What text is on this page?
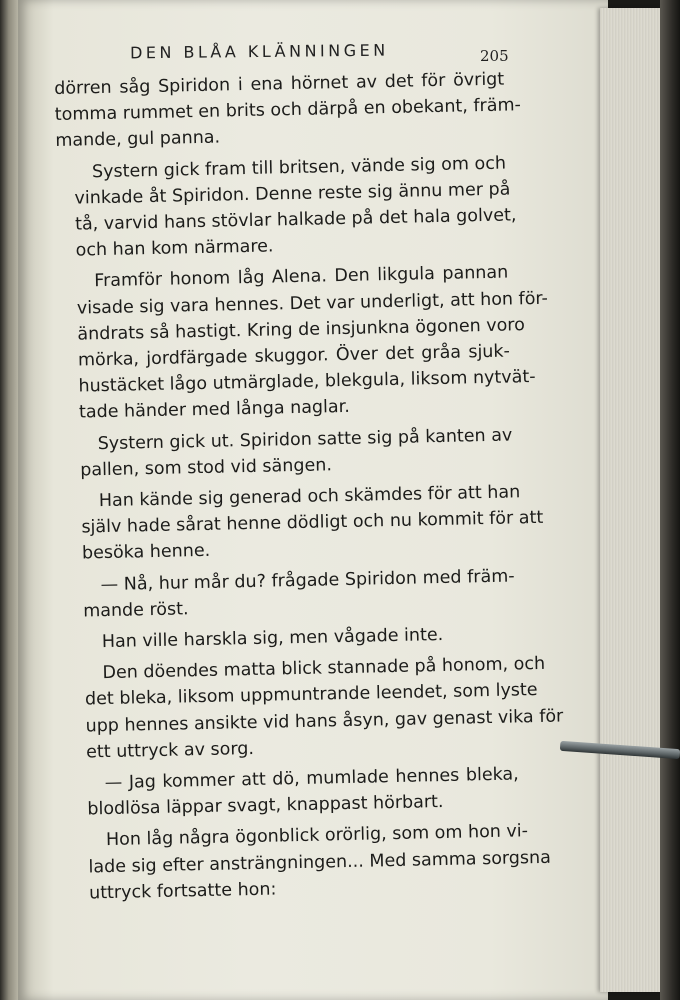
DEN BLÅA KLÄNNINGEN	205

dörren såg Spiridon i ena hörnet av det för övrigt
tomma rummet en brits och därpå en obekant, främ-
mande, gul panna.

Systern gick fram till britsen, vände sig om och
vinkade åt Spiridon. Denne reste sig ännu mer på
tå, varvid hans stövlar halkade på det hala golvet,
och han kom närmare.

Framför honom låg Alena. Den likgula pannan
visade sig vara hennes. Det var underligt, att hon för-
ändrats så hastigt. Kring de insjunkna ögonen voro
mörka, jordfärgade skuggor. Över det gråa sjuk-
hustäcket lågo utmärglade, blekgula, liksom nytvät-
tade händer med långa naglar.

Systern gick ut. Spiridon satte sig på kanten av
pallen, som stod vid sängen.

Han kände sig generad och skämdes för att han
själv hade sårat henne dödligt och nu kommit för att
besöka henne.

— Nå, hur mår du? frågade Spiridon med främ-
mande röst.

Han ville harskla sig, men vågade inte.

Den döendes matta blick stannade på honom, och
det bleka, liksom uppmuntrande leendet, som lyste
upp hennes ansikte vid hans åsyn, gav genast vika för
ett uttryck av sorg.

— Jag kommer att dö, mumlade hennes bleka,
blodlösa läppar svagt, knappast hörbart.

Hon låg några ögonblick orörlig, som om hon vi-
lade sig efter ansträngningen... Med samma sorgsna
uttryck fortsatte hon:
